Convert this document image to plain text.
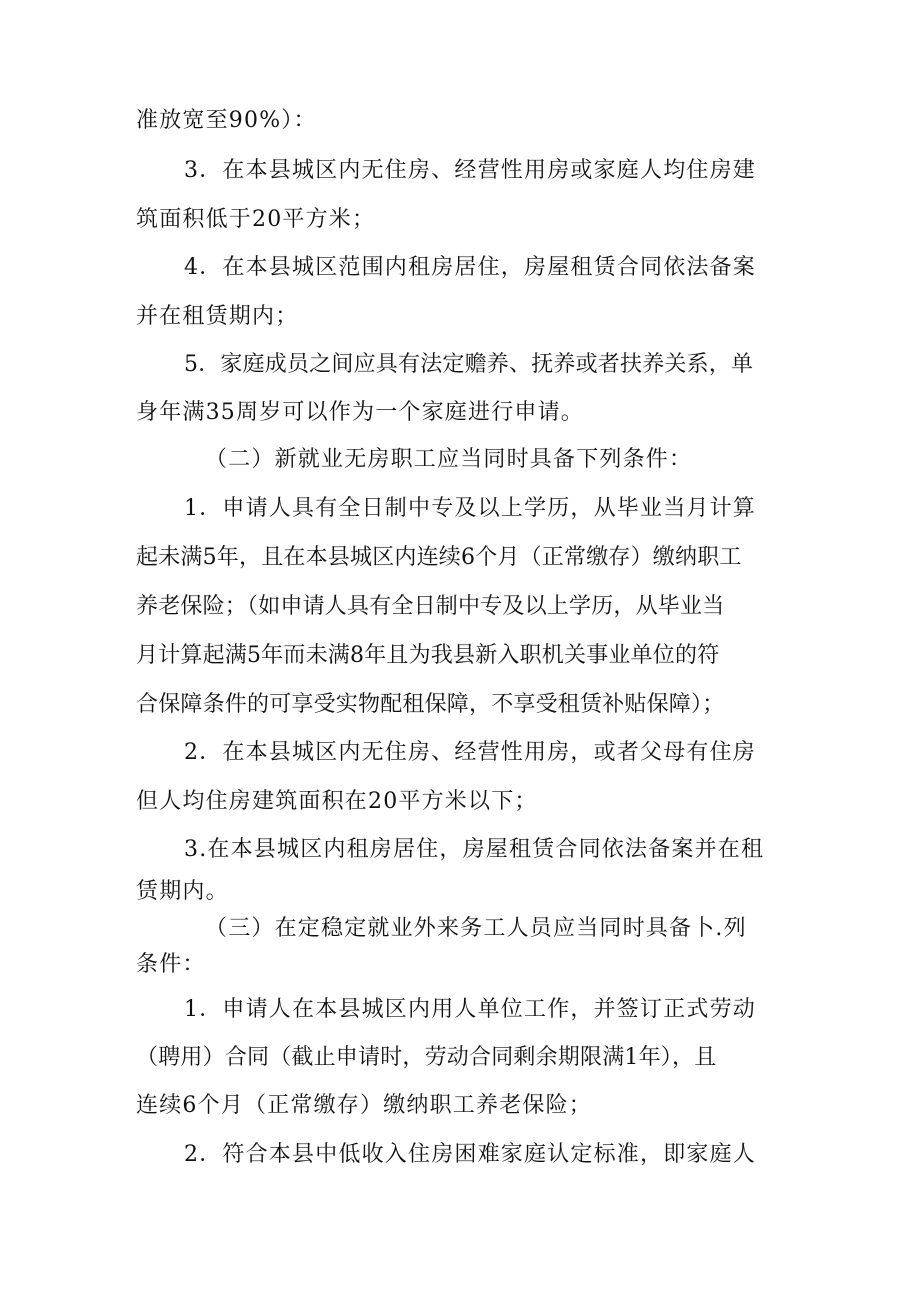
准放宽至90%）：
3．在本县城区内无住房、经营性用房或家庭人均住房建
筑面积低于20平方米；
4．在本县城区范围内租房居住，房屋租赁合同依法备案
并在租赁期内；
5．家庭成员之间应具有法定赡养、抚养或者扶养关系，单
身年满35周岁可以作为一个家庭进行申请。
（二）新就业无房职工应当同时具备下列条件：
1．申请人具有全日制中专及以上学历，从毕业当月计算
起未满5年，且在本县城区内连续6个月（正常缴存）缴纳职工
养老保险；（如申请人具有全日制中专及以上学历，从毕业当
月计算起满5年而未满8年且为我县新入职机关事业单位的符
合保障条件的可享受实物配租保障，不享受租赁补贴保障）；
2．在本县城区内无住房、经营性用房，或者父母有住房
但人均住房建筑面积在20平方米以下；
3.在本县城区内租房居住，房屋租赁合同依法备案并在租
赁期内。
（三）在定稳定就业外来务工人员应当同时具备卜.列
条件：
1．申请人在本县城区内用人单位工作，并签订正式劳动
（聘用）合同（截止申请时，劳动合同剩余期限满1年），且
连续6个月（正常缴存）缴纳职工养老保险；
2．符合本县中低收入住房困难家庭认定标准，即家庭人
